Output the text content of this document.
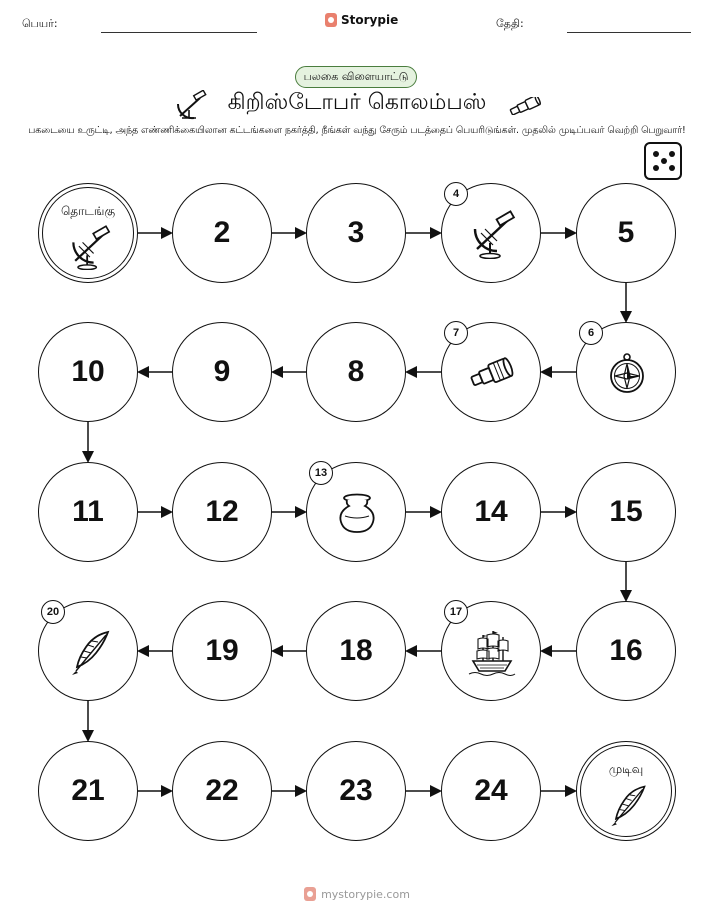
பெயர்:	Storypie	தேதி:
பலகை விளையாட்டு
கிறிஸ்டோபர் கொலம்பஸ்
பகடையை உருட்டி, அந்த எண்ணிக்கையிலான கட்டங்களை நகர்த்தி, நீங்கள் வந்து சேரும் படத்தைப் பெயரிடுங்கள். முதலில் முடிப்பவர் வெற்றி பெறுவார்!
தொடங்கு
2	3
4
5
6
7
8
9
10
11	12
13
14	15
16
17
18
19
20
21	22	23	24
முடிவு
mystorypie.com
